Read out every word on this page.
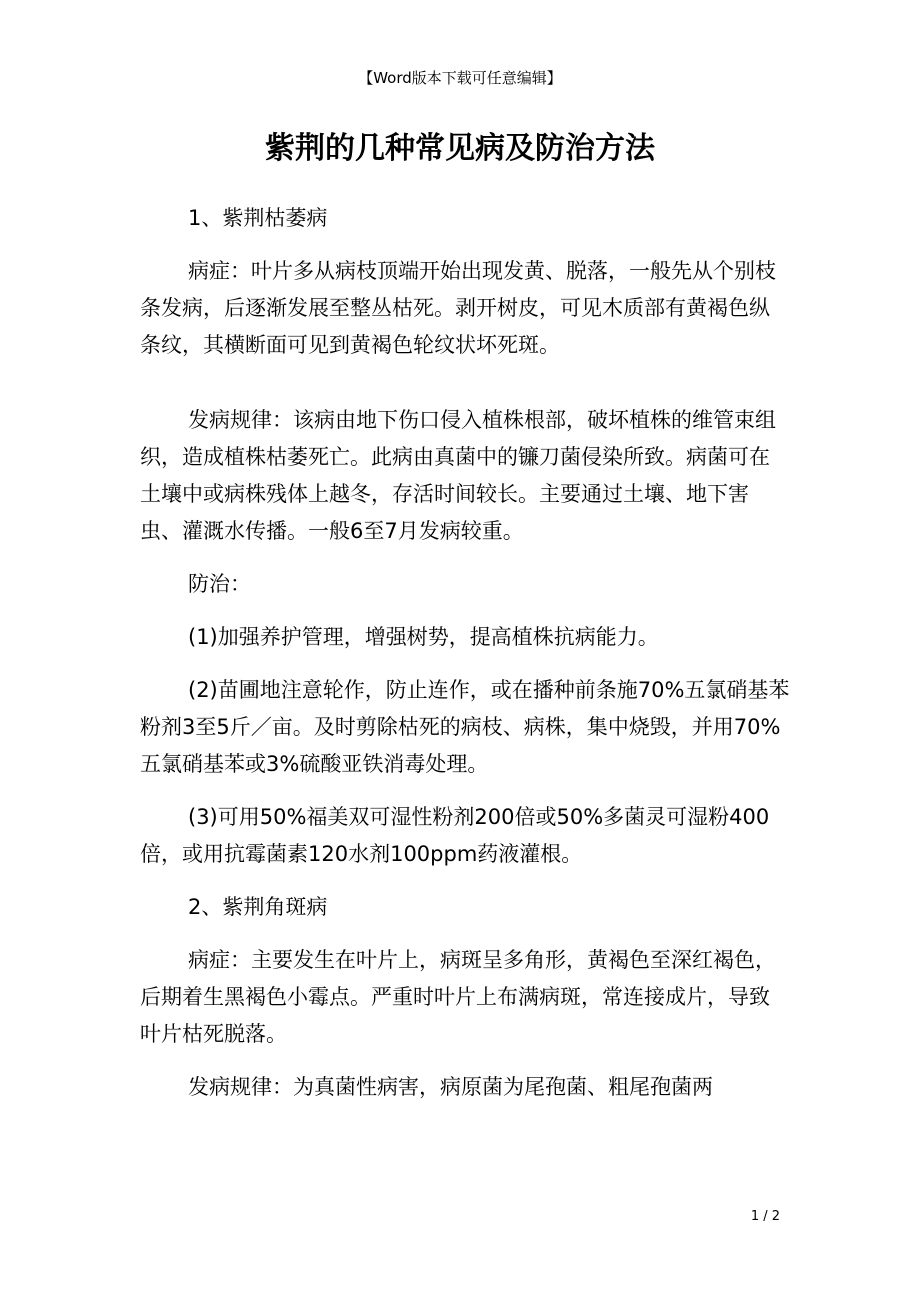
【Word版本下载可任意编辑】
紫荆的几种常见病及防治方法

1、紫荆枯萎病

病症：叶片多从病枝顶端开始出现发黄、脱落，一般先从个别枝条发病，后逐渐发展至整丛枯死。剥开树皮，可见木质部有黄褐色纵条纹，其横断面可见到黄褐色轮纹状坏死斑。

发病规律：该病由地下伤口侵入植株根部，破坏植株的维管束组织，造成植株枯萎死亡。此病由真菌中的镰刀菌侵染所致。病菌可在土壤中或病株残体上越冬，存活时间较长。主要通过土壤、地下害虫、灌溉水传播。一般6至7月发病较重。

防治：

(1)加强养护管理，增强树势，提高植株抗病能力。

(2)苗圃地注意轮作，防止连作，或在播种前条施70%五氯硝基苯粉剂3至5斤／亩。及时剪除枯死的病枝、病株，集中烧毁，并用70%五氯硝基苯或3%硫酸亚铁消毒处理。

(3)可用50%福美双可湿性粉剂200倍或50%多菌灵可湿粉400倍，或用抗霉菌素120水剂100ppm药液灌根。

2、紫荆角斑病

病症：主要发生在叶片上，病斑呈多角形，黄褐色至深红褐色，后期着生黑褐色小霉点。严重时叶片上布满病斑，常连接成片，导致叶片枯死脱落。

发病规律：为真菌性病害，病原菌为尾孢菌、粗尾孢菌两

1 / 2
